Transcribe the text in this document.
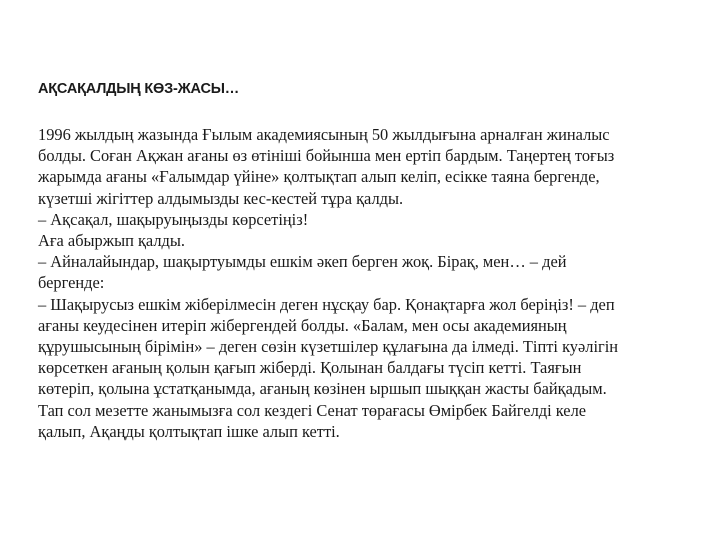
АҚСАҚАЛДЫҢ КӨЗ-ЖАСЫ…
1996 жылдың жазында Ғылым академиясының 50 жылдығына арналған жиналыс
болды. Соған Ақжан ағаны өз өтініші бойынша мен ертіп бардым. Таңертең тоғыз
жарымда ағаны «Ғалымдар үйіне» қолтықтап алып келіп, есікке таяна бергенде,
күзетші жігіттер алдымызды кес-кестей тұра қалды.
– Ақсақал, шақыруыңызды көрсетіңіз!
Аға абыржып қалды.
– Айналайындар, шақыртуымды ешкім әкеп берген жоқ. Бірақ, мен… – дей
бергенде:
– Шақырусыз ешкім жіберілмесін деген нұсқау бар. Қонақтарға жол беріңіз! – деп
ағаны кеудесінен итеріп жібергендей болды. «Балам, мен осы академияның
құрушысының бірімін» – деген сөзін күзетшілер құлағына да ілмеді. Тіпті куәлігін
көрсеткен ағаның қолын қағып жіберді. Қолынан балдағы түсіп кетті. Таяғын
көтеріп, қолына ұстатқанымда, ағаның көзінен ыршып шыққан жасты байқадым.
Тап сол мезетте жанымызға сол кездегі Сенат төрағасы Өмірбек Байгелді келе
қалып, Ақаңды қолтықтап ішке алып кетті.
